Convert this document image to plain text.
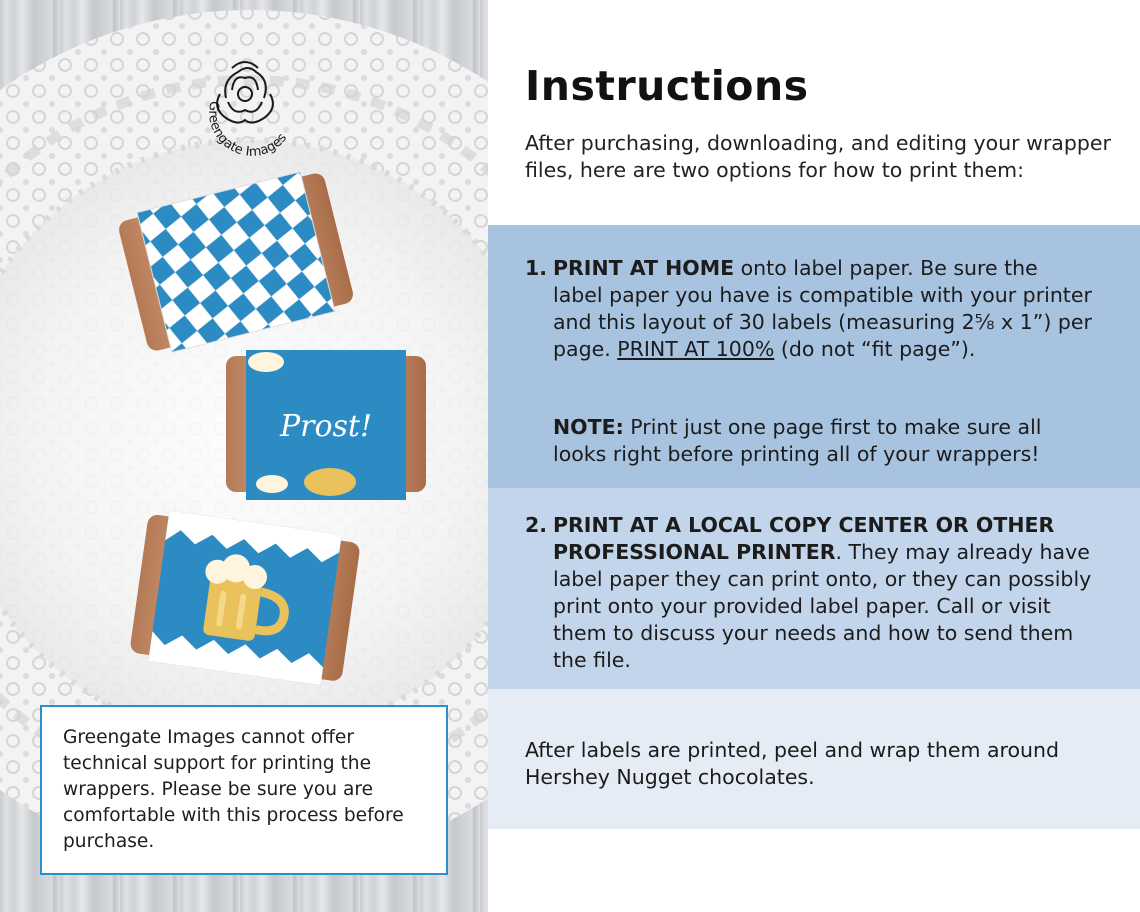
Prost!
Greengate Images
Greengate Images cannot offer technical support for printing the wrappers. Please be sure you are comfortable with this process before purchase.
Instructions

After purchasing, downloading, and editing your wrapper files, here are two options for how to print them:

1. PRINT AT HOME onto label paper. Be sure the label paper you have is compatible with your printer and this layout of 30 labels (measuring 2⅝ x 1”) per page. PRINT AT 100% (do not “fit page”).

NOTE: Print just one page first to make sure all looks right before printing all of your wrappers!

2. PRINT AT A LOCAL COPY CENTER OR OTHER PROFESSIONAL PRINTER. They may already have label paper they can print onto, or they can possibly print onto your provided label paper. Call or visit them to discuss your needs and how to send them the file.

After labels are printed, peel and wrap them around Hershey Nugget chocolates.
